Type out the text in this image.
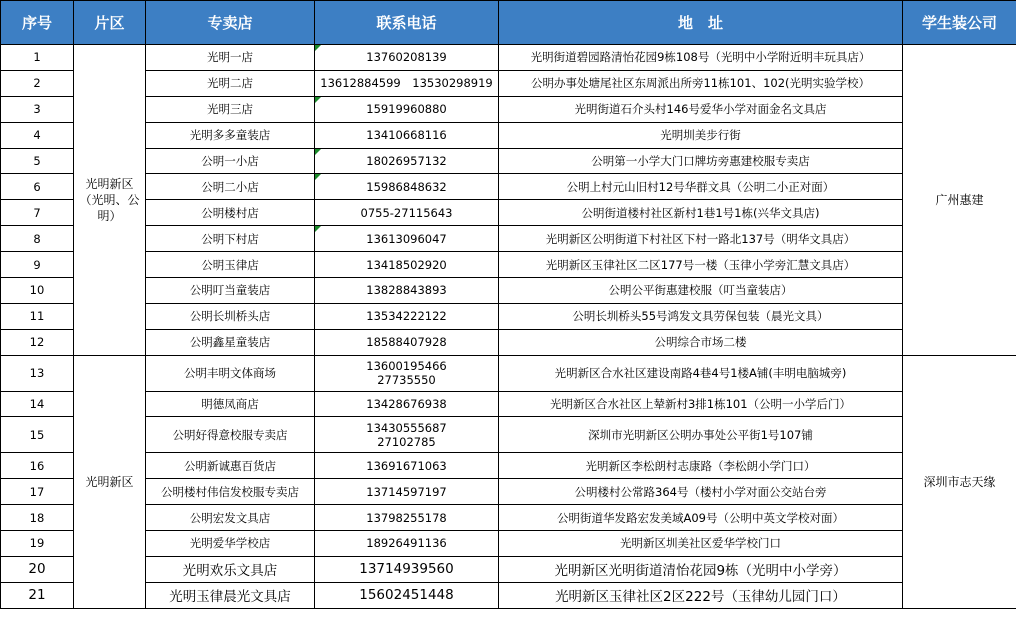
序号	片区	专卖店	联系电话	地　址	学生装公司
1	光明新区（光明、公明）	光明一店	13760208139	光明街道碧园路清怡花园9栋108号（光明中小学附近明丰玩具店）	广州惠建
2		光明二店	13612884599　13530298919	公明办事处塘尾社区东周派出所旁11栋101、102(光明实验学校）	
3		光明三店	15919960880	光明街道石介头村146号爱华小学对面金名文具店	
4		光明多多童装店	13410668116	光明圳美步行街	
5		公明一小店	18026957132	公明第一小学大门口牌坊旁惠建校服专卖店	
6		公明二小店	15986848632	公明上村元山旧村12号华群文具（公明二小正对面）	
7		公明楼村店	0755-27115643	公明街道楼村社区新村1巷1号1栋(兴华文具店)	
8		公明下村店	13613096047	光明新区公明街道下村社区下村一路北137号（明华文具店）	
9		公明玉律店	13418502920	光明新区玉律社区二区177号一楼（玉律小学旁汇慧文具店）	
10		公明叮当童装店	13828843893	公明公平街惠建校服（叮当童装店）	
11		公明长圳桥头店	13534222122	公明长圳桥头55号鸿发文具劳保包装（晨光文具）	
12		公明鑫星童装店	18588407928	公明综合市场二楼	
13	光明新区	公明丰明文体商场	13600195466
27735550	光明新区合水社区建设南路4巷4号1楼A铺(丰明电脑城旁)	深圳市志天缘
14		明德凤商店	13428676938	光明新区合水社区上辇新村3排1栋101（公明一小学后门）	
15		公明好得意校服专卖店	13430555687
27102785	深圳市光明新区公明办事处公平街1号107铺	
16		公明新诚惠百货店	13691671063	光明新区李松朗村志康路（李松朗小学门口）	
17		公明楼村伟信发校服专卖店	13714597197	公明楼村公常路364号（楼村小学对面公交站台旁	
18		公明宏发文具店	13798255178	公明街道华发路宏发美域A09号（公明中英文学校对面）	
19		光明爱华学校店	18926491136	光明新区圳美社区爱华学校门口	
20		光明欢乐文具店	13714939560	光明新区光明街道清怡花园9栋（光明中小学旁）	
21		光明玉律晨光文具店	15602451448	光明新区玉律社区2区222号（玉律幼儿园门口）	
